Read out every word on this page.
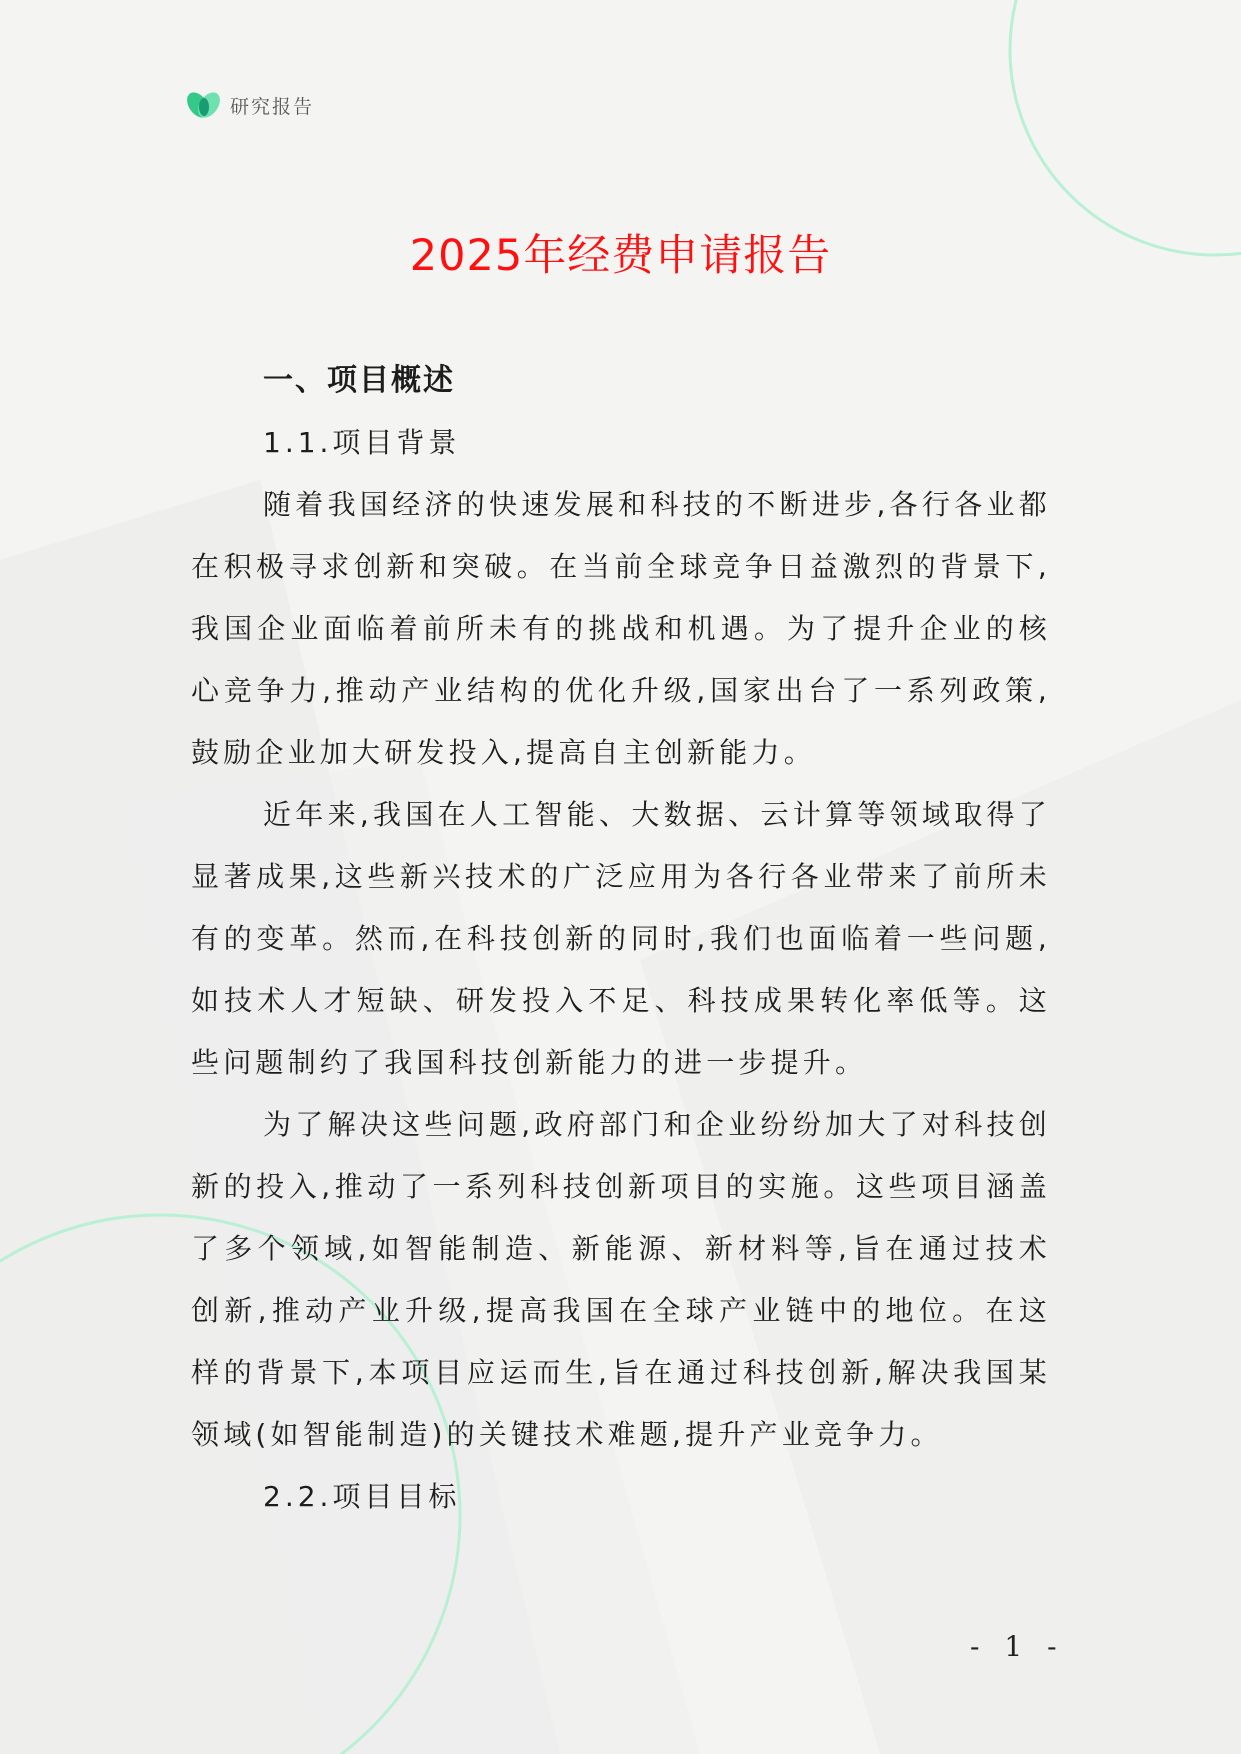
研究报告
2025年经费申请报告
一、项目概述
1.1.项目背景

随着我国经济的快速发展和科技的不断进步,各行各业都在积极寻求创新和突破。在当前全球竞争日益激烈的背景下,我国企业面临着前所未有的挑战和机遇。为了提升企业的核心竞争力,推动产业结构的优化升级,国家出台了一系列政策,鼓励企业加大研发投入,提高自主创新能力。

近年来,我国在人工智能、大数据、云计算等领域取得了显著成果,这些新兴技术的广泛应用为各行各业带来了前所未有的变革。然而,在科技创新的同时,我们也面临着一些问题,如技术人才短缺、研发投入不足、科技成果转化率低等。这些问题制约了我国科技创新能力的进一步提升。

为了解决这些问题,政府部门和企业纷纷加大了对科技创新的投入,推动了一系列科技创新项目的实施。这些项目涵盖了多个领域,如智能制造、新能源、新材料等,旨在通过技术创新,推动产业升级,提高我国在全球产业链中的地位。在这样的背景下,本项目应运而生,旨在通过科技创新,解决我国某领域(如智能制造)的关键技术难题,提升产业竞争力。

2.2.项目目标
- 1 -
